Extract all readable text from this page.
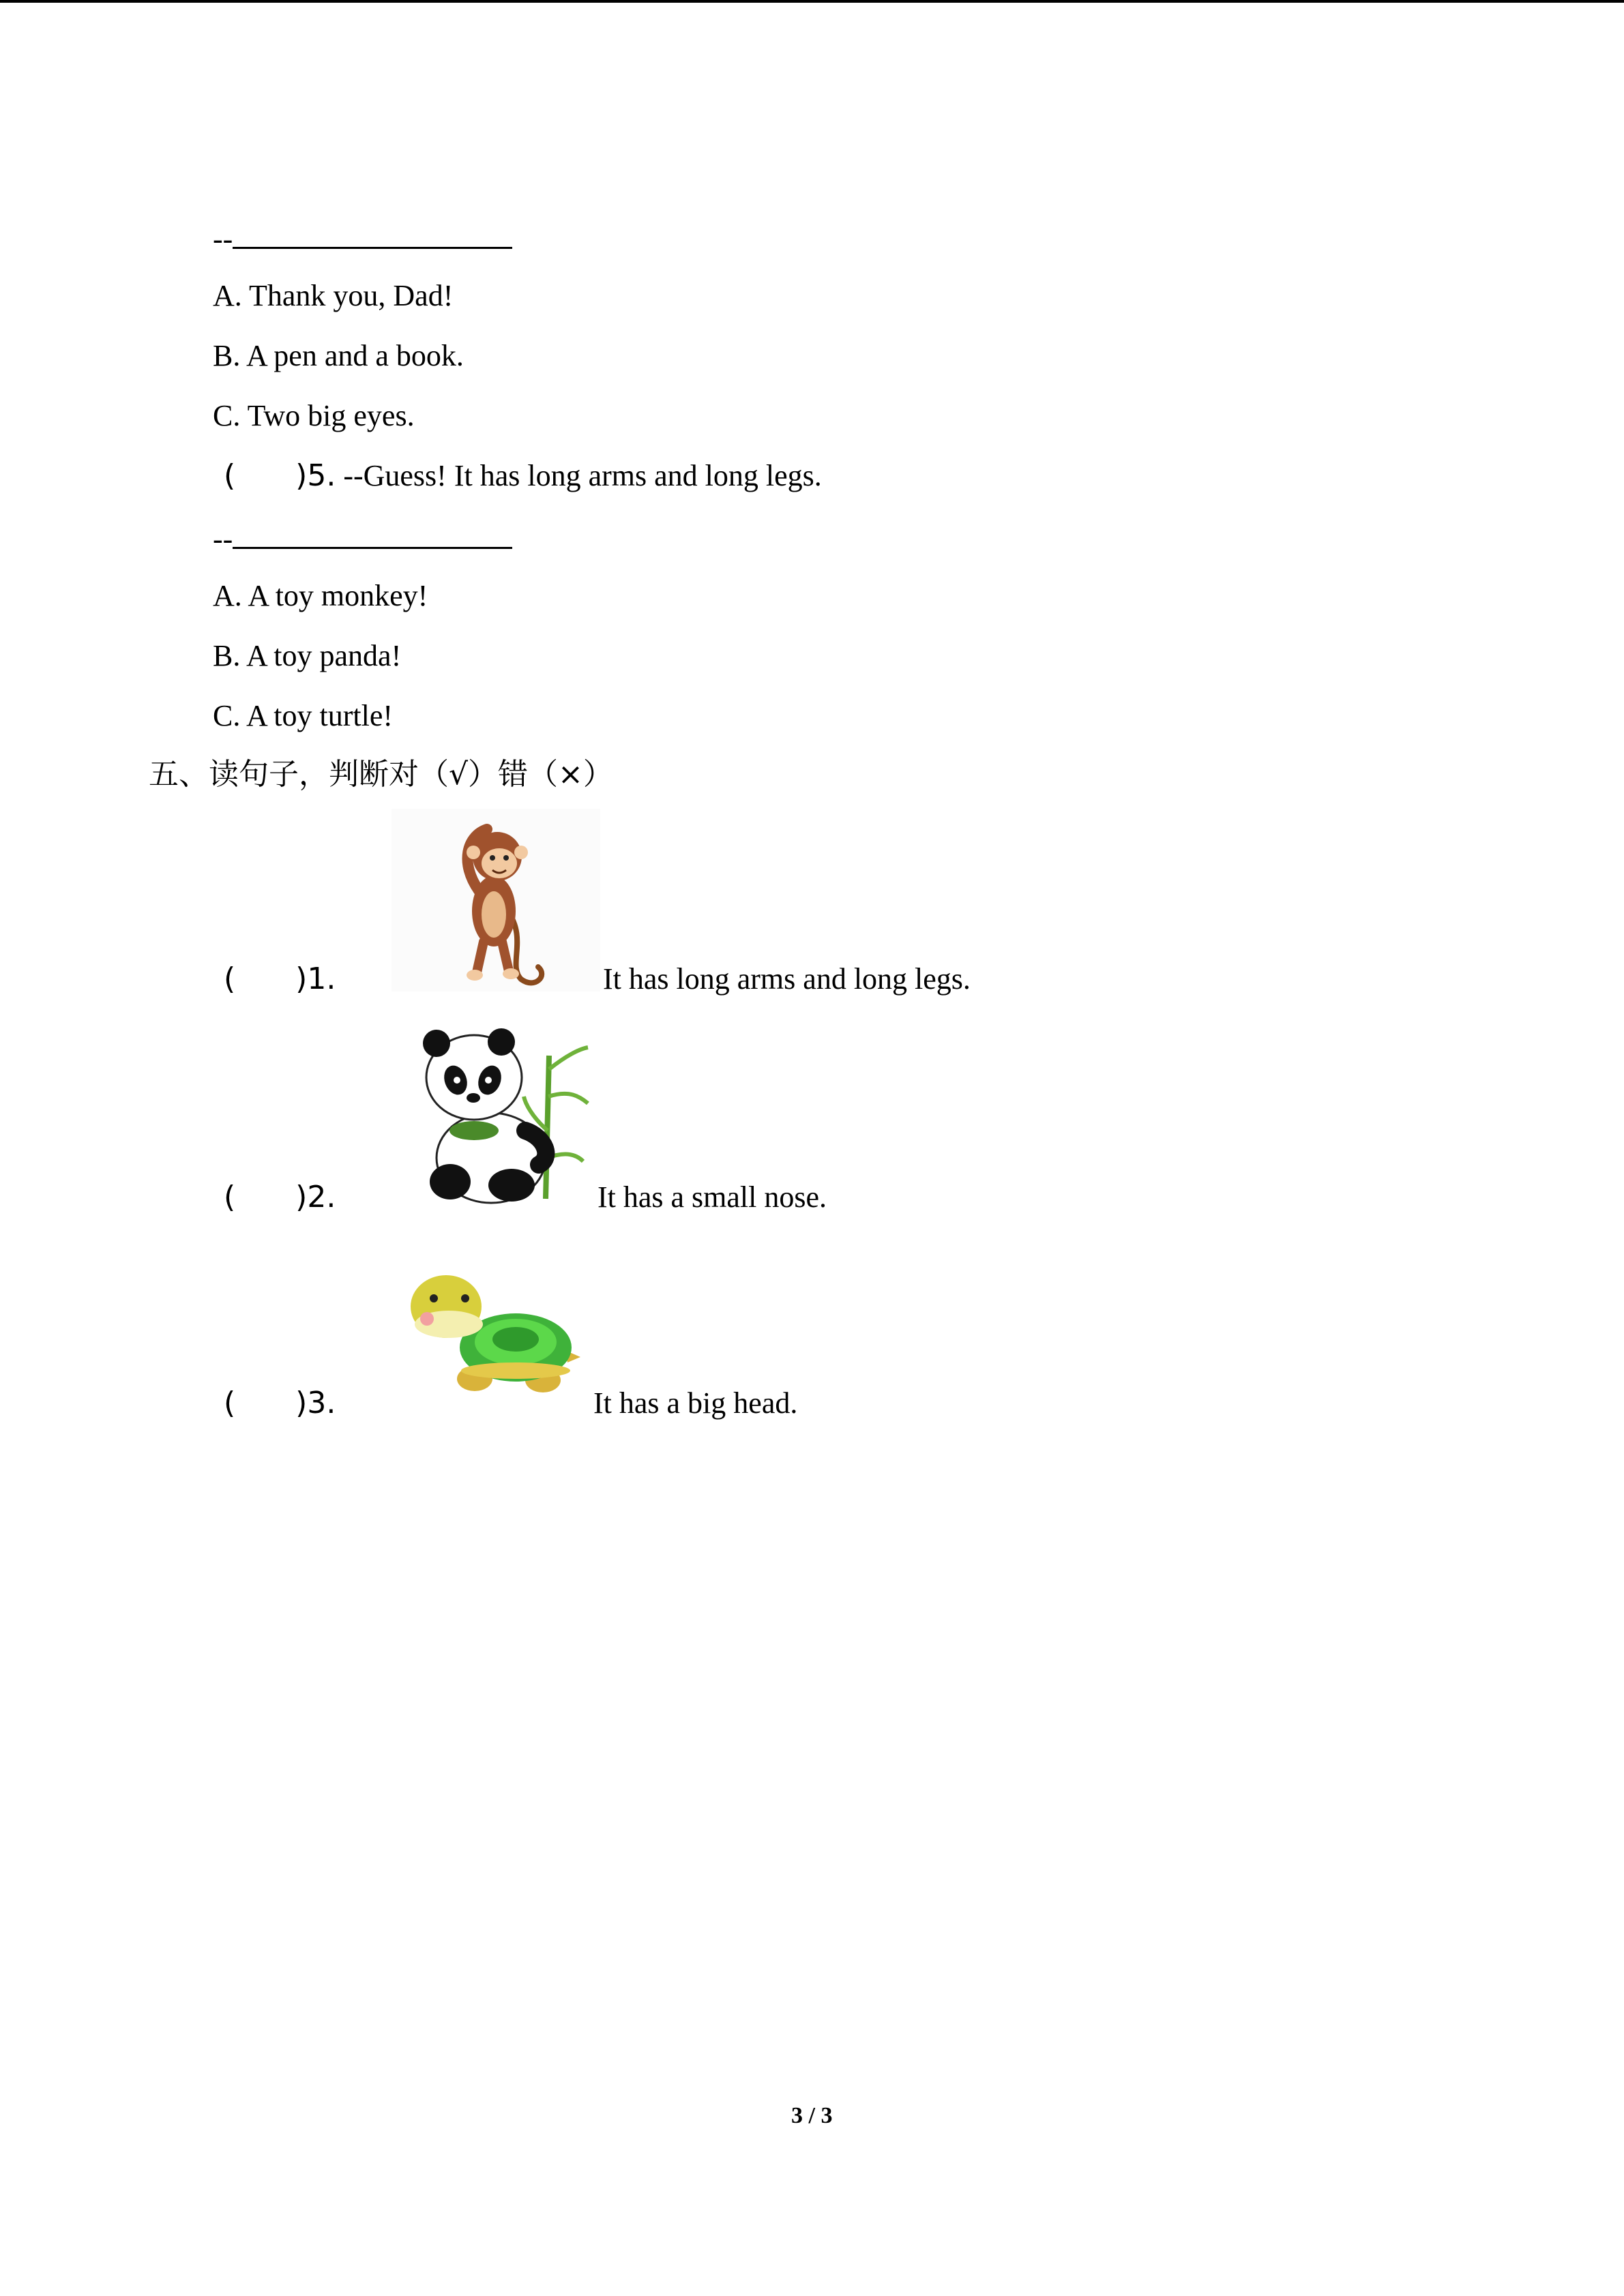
--
A. Thank you, Dad!
B. A pen and a book.
C. Two big eyes.
(　　)5. --Guess! It has long arms and long legs.
--
A. A toy monkey!
B. A toy panda!
C. A toy turtle!
五、读句子，判断对（√）错（×）
(　　)1.	It has long arms and long legs.
(　　)2.	It has a small nose.
(　　)3.	It has a big head.
3 / 3
